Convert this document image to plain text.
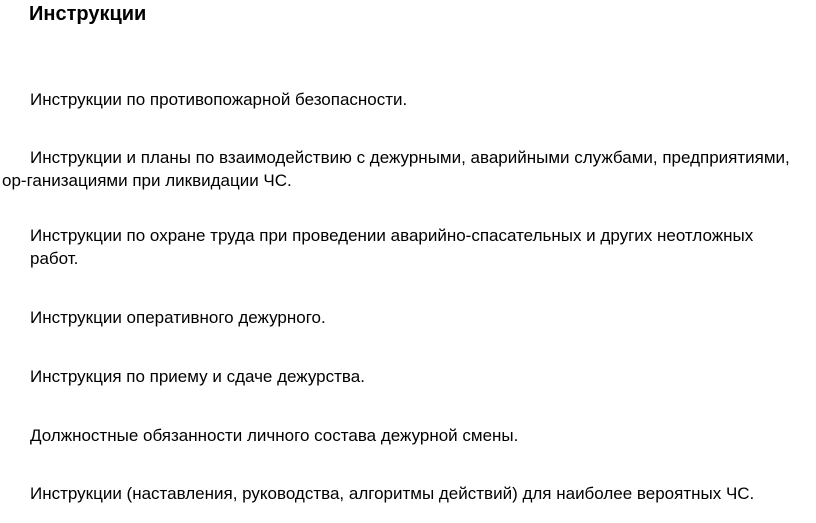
Инструкции
Инструкции по противопожарной безопасности.
Инструкции и планы по взаимодействию с дежурными, аварийными службами, предприятиями,
ор-ганизациями при ликвидации ЧС.
Инструкции по охране труда при проведении аварийно-спасательных и других неотложных
работ.
Инструкции оперативного дежурного.
Инструкция по приему и сдаче дежурства.
Должностные обязанности личного состава дежурной смены.
Инструкции (наставления, руководства, алгоритмы действий) для наиболее вероятных ЧС.
